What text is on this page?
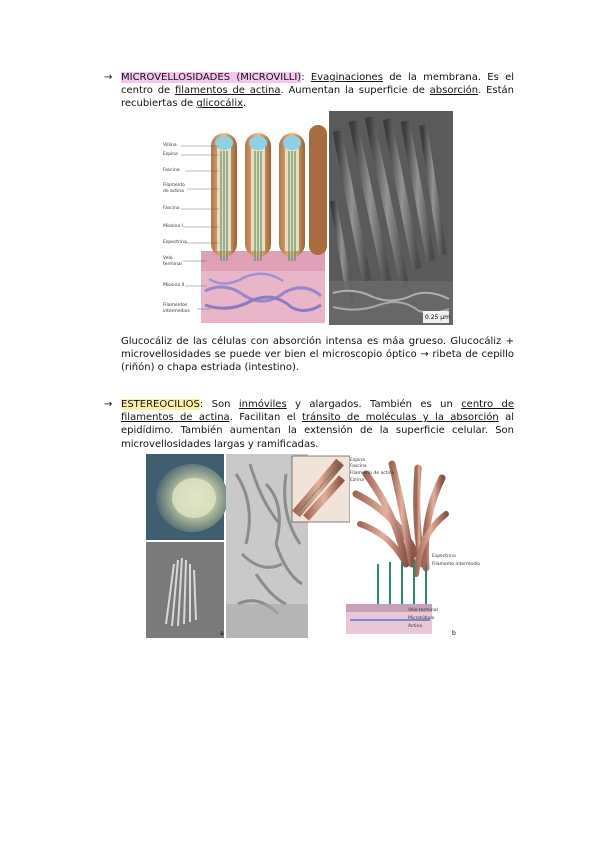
→ MICROVELLOSIDADES (MICROVILLI): Evaginaciones de la membrana. Es el centro de filamentos de actina. Aumentan la superficie de absorción. Están recubiertas de glicocálix.
Villina
Espina
Fascina
Filamento de actina
Fascina
Miosina I
Espectrina
Velo terminal
Miosina II
Filamentos intermedios
0.25 µm
Glucocáliz de las células con absorción intensa es máa grueso. Glucocáliz + microvellosidades se puede ver bien el microscopio óptico → ribeta de cepillo (riñón) o chapa estriada (intestino).
→ ESTEREOCILIOS: Son inmóviles y alargados. También es un centro de filamentos de actina. Facilitan el tránsito de moléculas y la absorción al epidídimo. También aumentan la extensión de la superficie celular. Son microvellosidades largas y ramificadas.
a	b
Espina
Fascina
Filamento de actina
Ezrina
Espectrina
Filamento intermedio
Velo terminal
Microtúbulo
Actina
